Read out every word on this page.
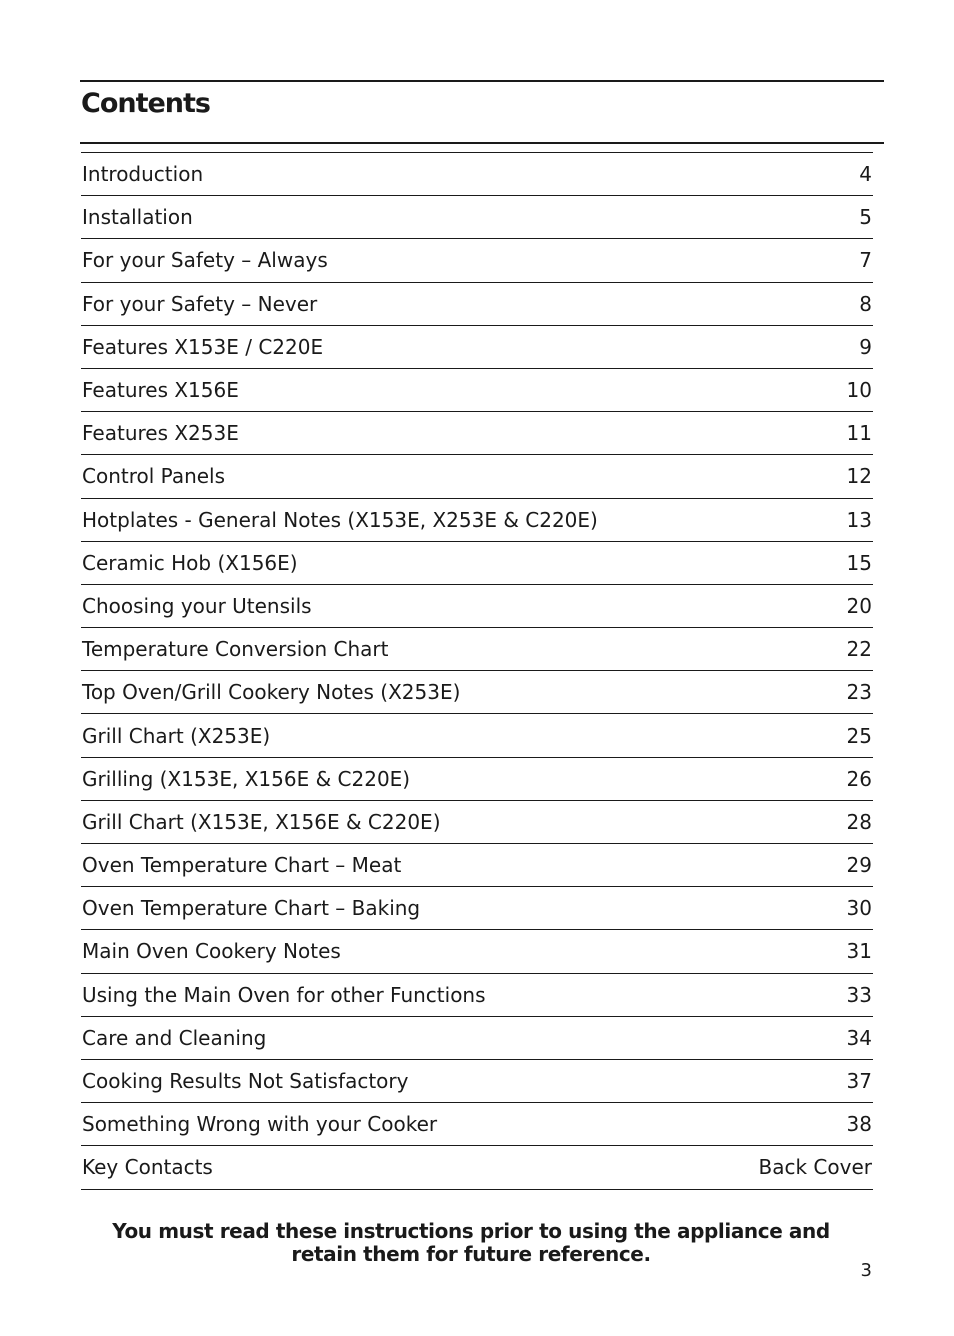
Contents
Introduction	4
Installation	5
For your Safety – Always	7
For your Safety – Never	8
Features X153E / C220E	9
Features X156E	10
Features X253E	11
Control Panels	12
Hotplates - General Notes (X153E, X253E & C220E)	13
Ceramic Hob (X156E)	15
Choosing your Utensils	20
Temperature Conversion Chart	22
Top Oven/Grill Cookery Notes (X253E)	23
Grill Chart (X253E)	25
Grilling (X153E, X156E & C220E)	26
Grill Chart (X153E, X156E & C220E)	28
Oven Temperature Chart – Meat	29
Oven Temperature Chart – Baking	30
Main Oven Cookery Notes	31
Using the Main Oven for other Functions	33
Care and Cleaning	34
Cooking Results Not Satisfactory	37
Something Wrong with your Cooker	38
Key Contacts	Back Cover

You must read these instructions prior to using the appliance and retain them for future reference.

3
